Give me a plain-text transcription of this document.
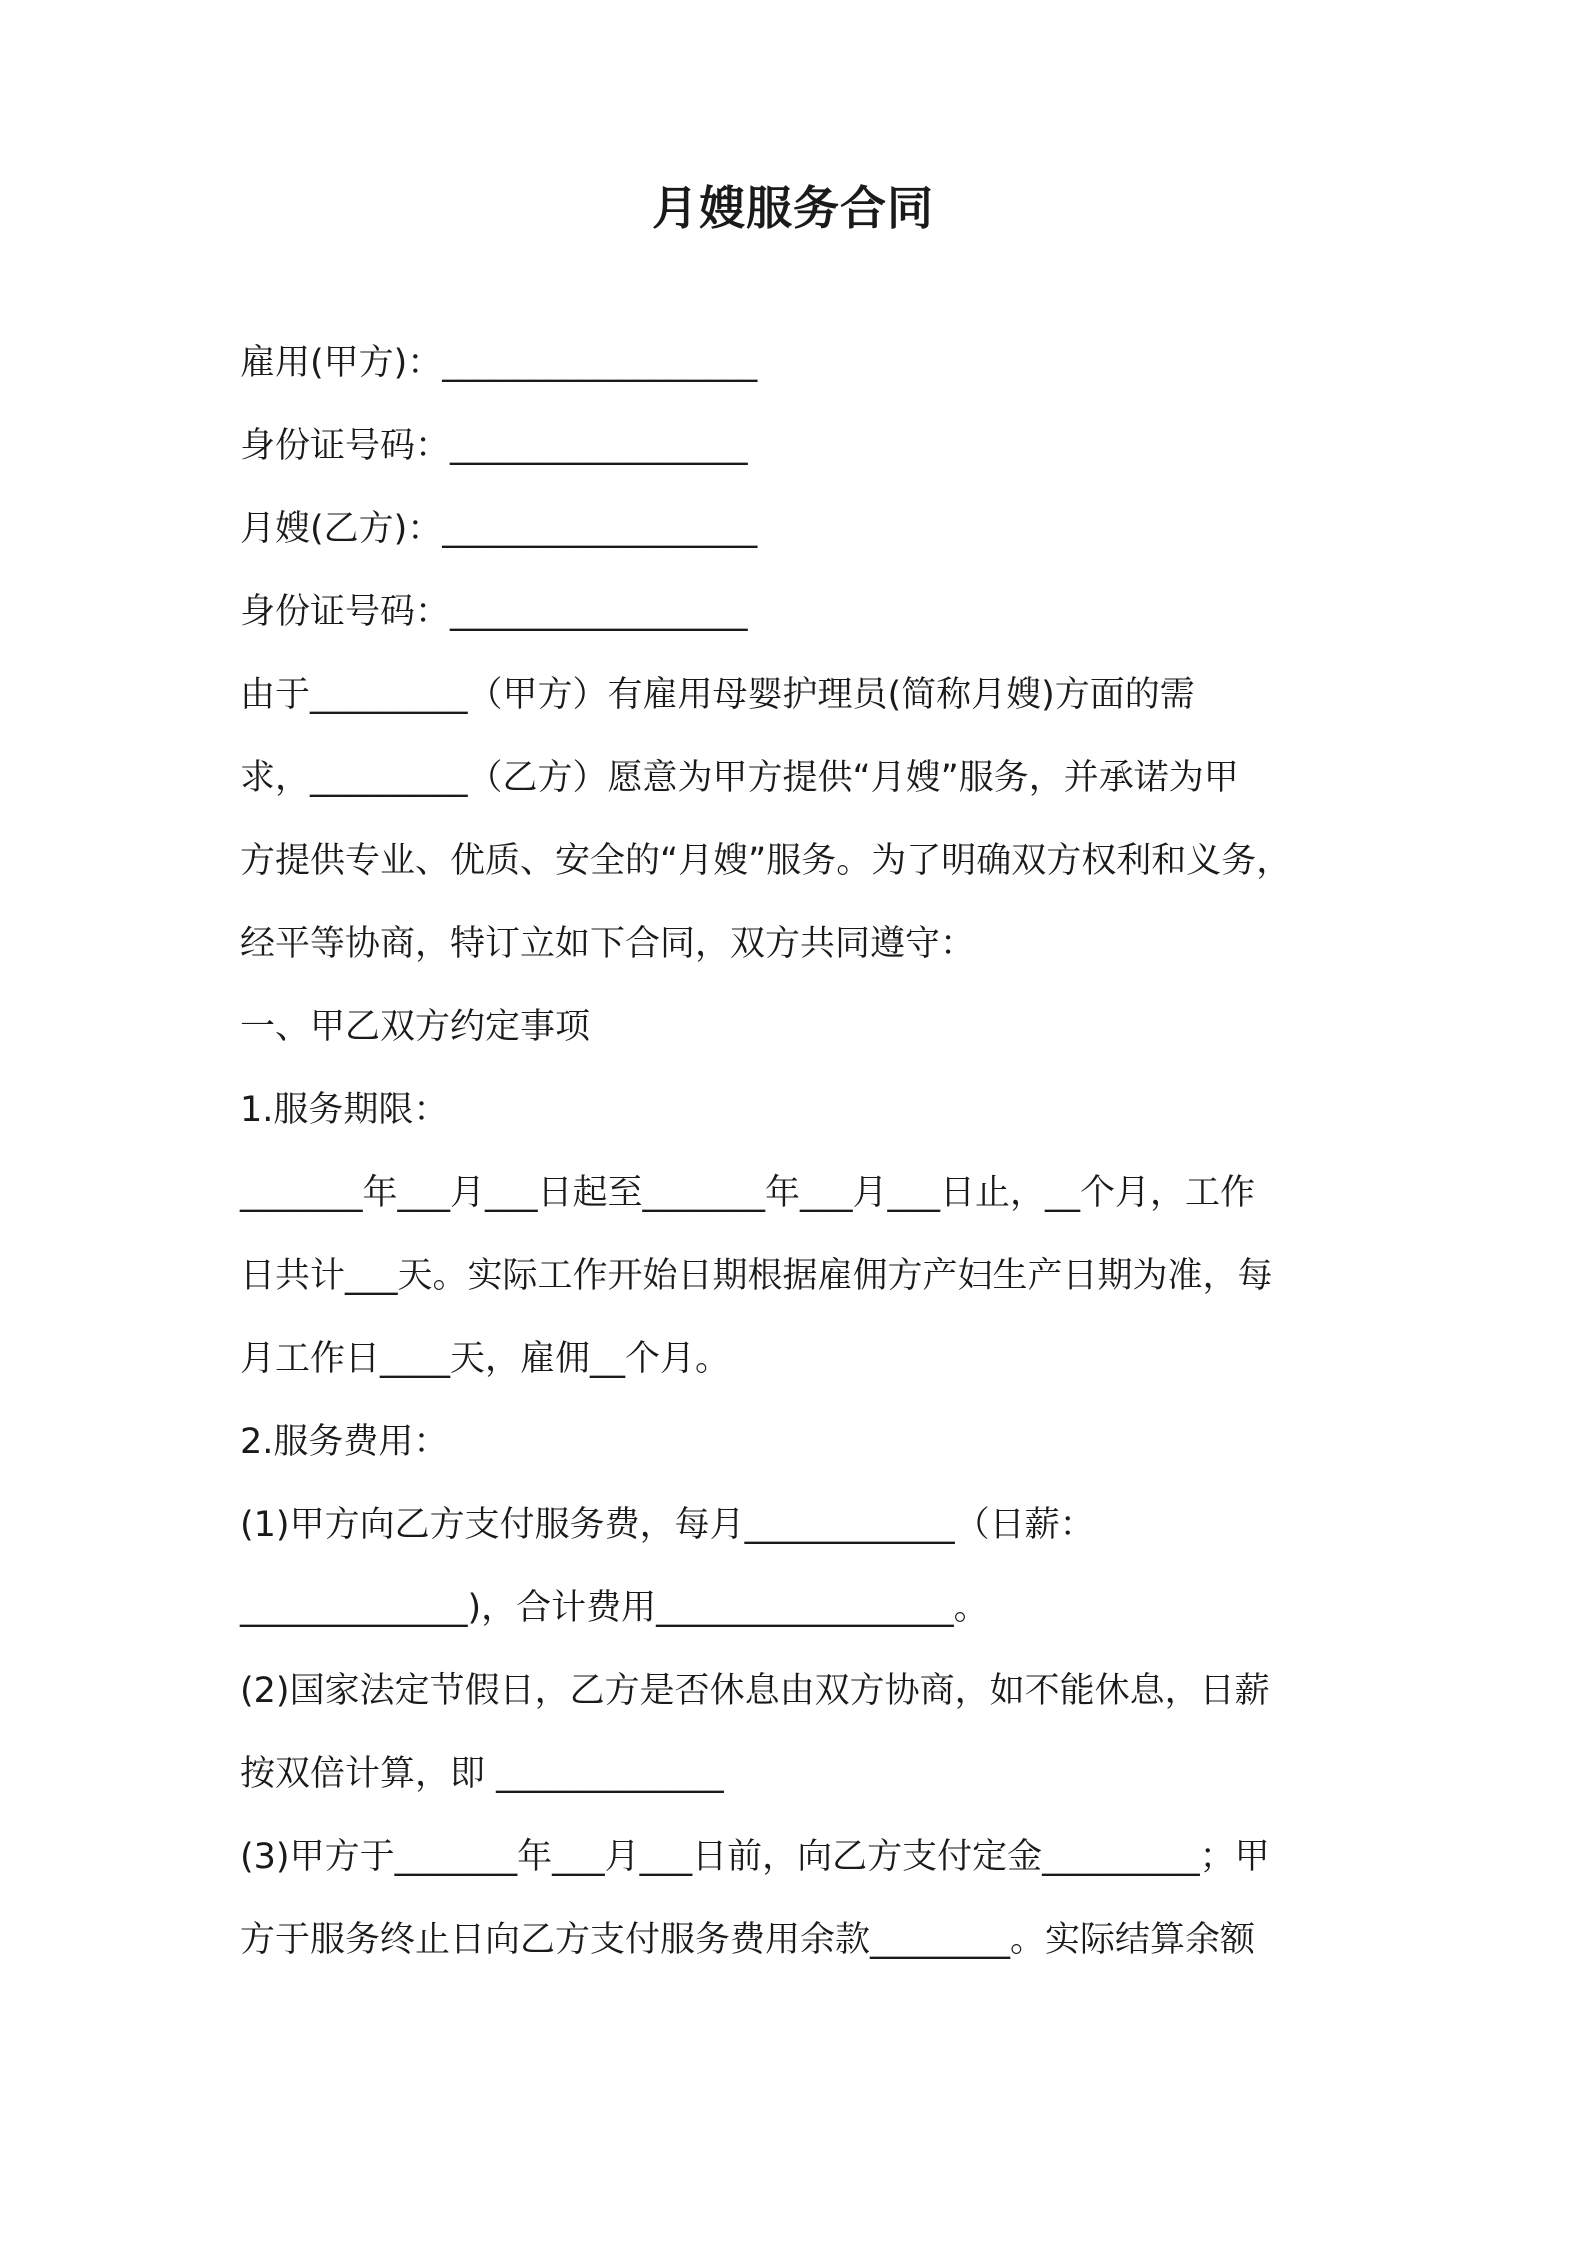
月嫂服务合同
雇用(甲方)：__________________
身份证号码：_________________
月嫂(乙方)：__________________
身份证号码：_________________
由于_________（甲方）有雇用母婴护理员(简称月嫂)方面的需
求，_________（乙方）愿意为甲方提供“月嫂”服务，并承诺为甲
方提供专业、优质、安全的“月嫂”服务。为了明确双方权利和义务，
经平等协商，特订立如下合同，双方共同遵守：
一、甲乙双方约定事项
1.服务期限：
_______年___月___日起至_______年___月___日止，__个月，工作
日共计___天。实际工作开始日期根据雇佣方产妇生产日期为准，每
月工作日____天，雇佣__个月。
2.服务费用：
(1)甲方向乙方支付服务费，每月____________（日薪：
_____________)，合计费用_________________。
(2)国家法定节假日，乙方是否休息由双方协商，如不能休息，日薪
按双倍计算，即 _____________
(3)甲方于_______年___月___日前，向乙方支付定金_________；甲
方于服务终止日向乙方支付服务费用余款________。实际结算余额
